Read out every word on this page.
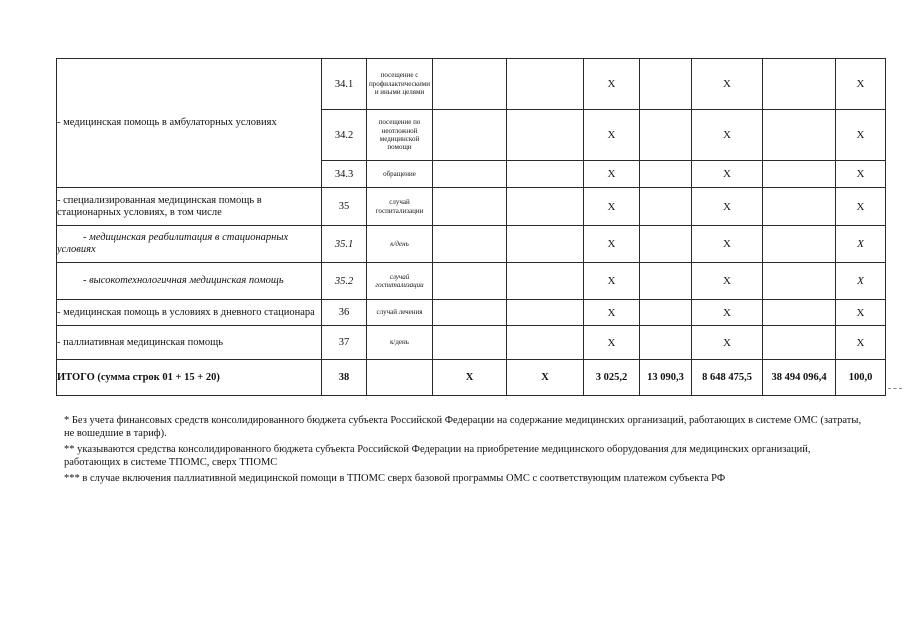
- медицинская помощь в амбулаторных условиях	34.1	посещение с профилактическими и иными целями			X		X		X
	34.2	посещение по неотложной медицинской помощи			X		X		X
	34.3	обращение			X		X		X
- специализированная медицинская помощь в стационарных условиях, в том числе	35	случай госпитализации			X		X		X
- медицинская реабилитация в стационарных условиях	35.1	к/день			X		X		X
- высокотехнологичная медицинская помощь	35.2	случай госпитализации			X		X		X
- медицинская помощь в условиях в дневного стационара	36	случай лечения			X		X		X
- паллиативная медицинская помощь	37	к/день			X		X		X
ИТОГО (сумма строк 01 + 15 + 20)	38		Х	Х	3 025,2	13 090,3	8 648 475,5	38 494 096,4	100,0

* Без учета финансовых средств консолидированного бюджета субъекта Российской Федерации на содержание медицинских организаций, работающих в системе ОМС (затраты, не вошедшие в тариф).

** указываются средства консолидированного бюджета субъекта Российской Федерации на приобретение медицинского оборудования для медицинских организаций, работающих в системе ТПОМС, сверх ТПОМС

*** в случае включения паллиативной медицинской помощи в ТПОМС сверх базовой программы ОМС с соответствующим платежом субъекта РФ
